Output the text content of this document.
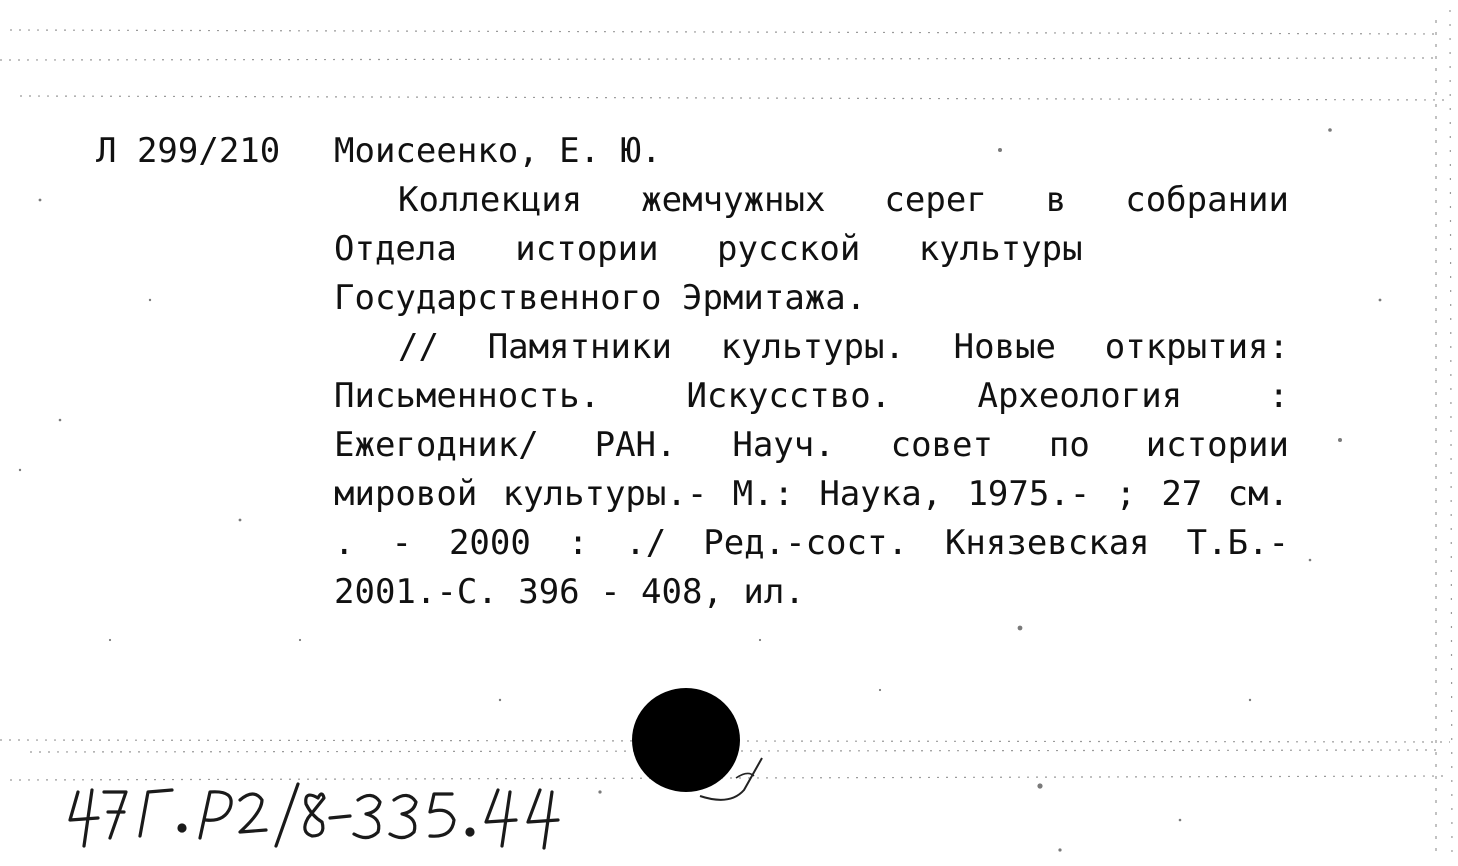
Л 299/210 Моисеенко, Е. Ю.
Коллекция жемчужных серег в собрании
Отдела истории русской культуры
Государственного Эрмитажа.
// Памятники культуры. Новые открытия:
Письменность. Искусство. Археология :
Ежегодник/ РАН. Науч. совет по истории
мировой культуры.- М.: Наука, 1975.- ; 27 см.
. - 2000 : ./ Ред.-сост. Князевская Т.Б.-
2001.-С. 396 - 408, ил.
